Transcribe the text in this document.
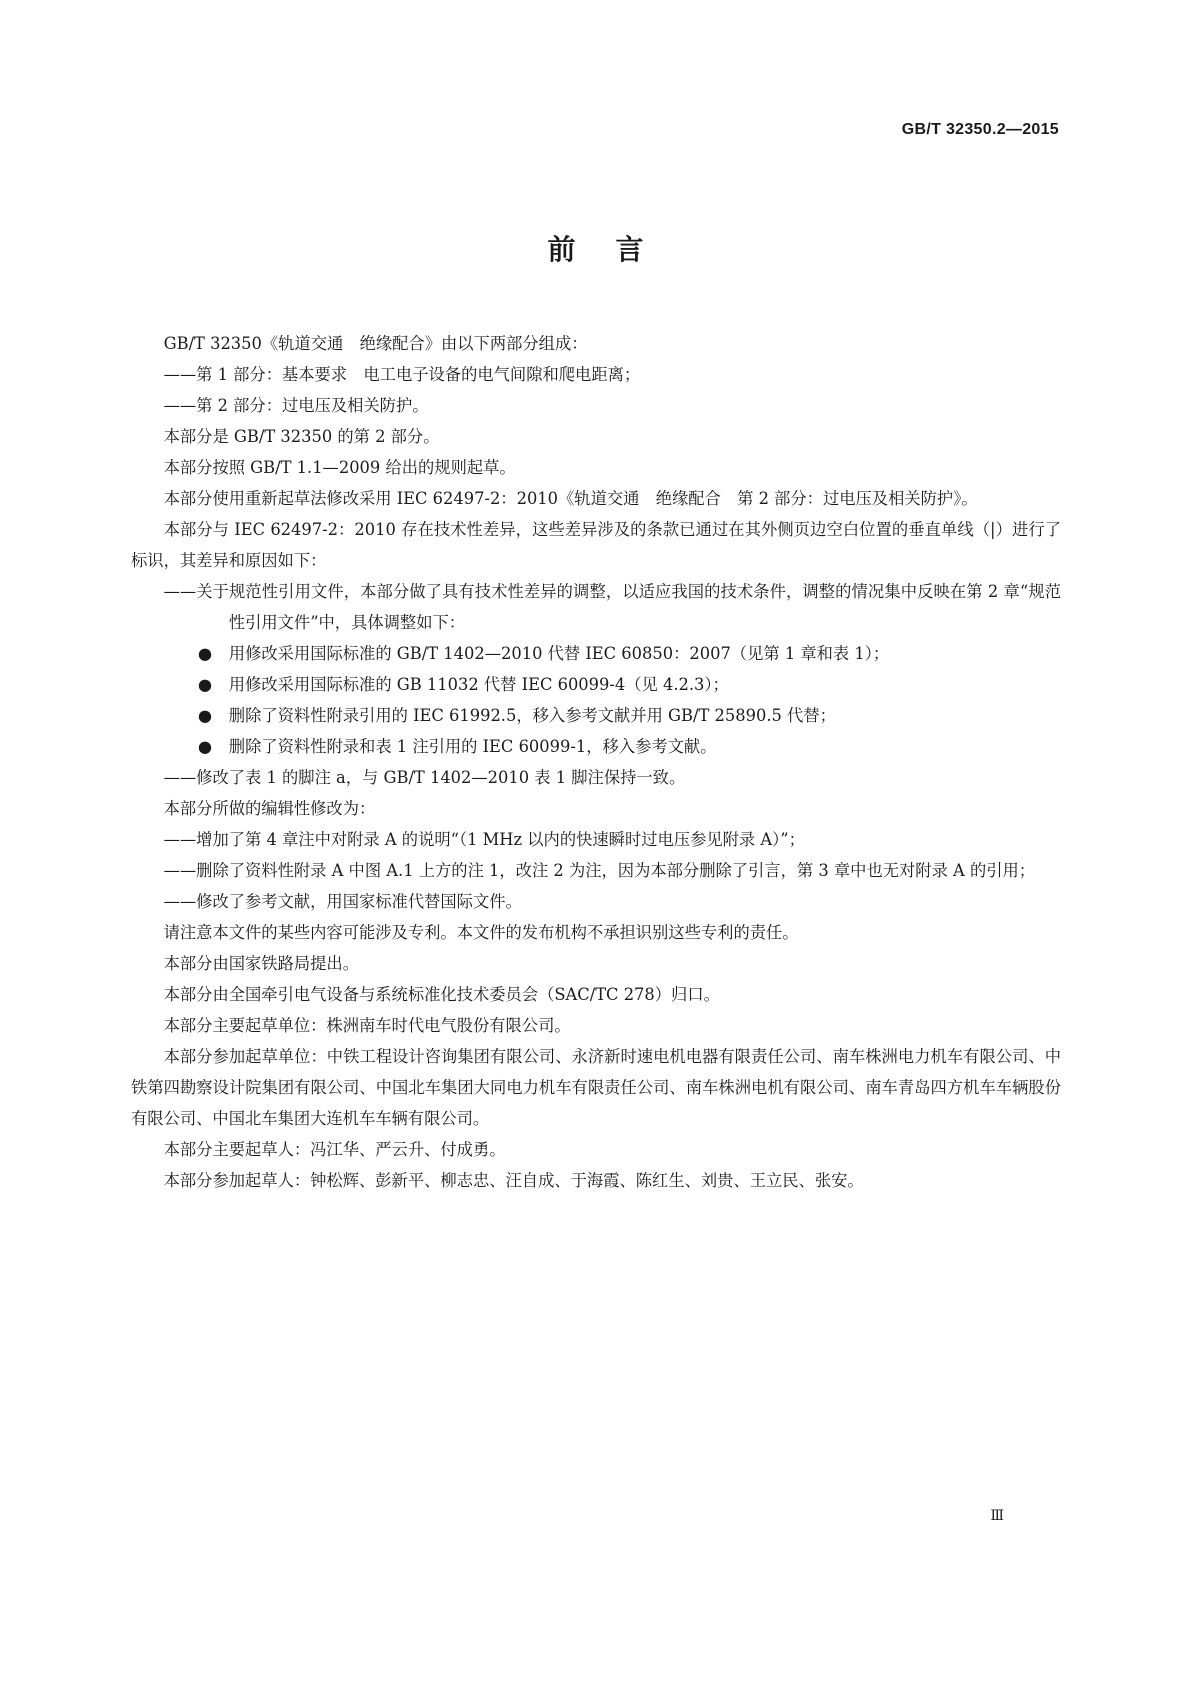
GB/T 32350.2—2015
前言

GB/T 32350《轨道交通　绝缘配合》由以下两部分组成：

——第 1 部分：基本要求　电工电子设备的电气间隙和爬电距离；

——第 2 部分：过电压及相关防护。

本部分是 GB/T 32350 的第 2 部分。

本部分按照 GB/T 1.1—2009 给出的规则起草。

本部分使用重新起草法修改采用 IEC 62497-2：2010《轨道交通　绝缘配合　第 2 部分：过电压及相关防护》。

本部分与 IEC 62497-2：2010 存在技术性差异，这些差异涉及的条款已通过在其外侧页边空白位置的垂直单线（|）进行了标识，其差异和原因如下：

——关于规范性引用文件，本部分做了具有技术性差异的调整，以适应我国的技术条件，调整的情况集中反映在第 2 章“规范性引用文件”中，具体调整如下：

● 用修改采用国际标准的 GB/T 1402—2010 代替 IEC 60850：2007（见第 1 章和表 1）；

● 用修改采用国际标准的 GB 11032 代替 IEC 60099-4（见 4.2.3）；

● 删除了资料性附录引用的 IEC 61992.5，移入参考文献并用 GB/T 25890.5 代替；

● 删除了资料性附录和表 1 注引用的 IEC 60099-1，移入参考文献。

——修改了表 1 的脚注 a，与 GB/T 1402—2010 表 1 脚注保持一致。

本部分所做的编辑性修改为：

——增加了第 4 章注中对附录 A 的说明“（1 MHz 以内的快速瞬时过电压参见附录 A）”；

——删除了资料性附录 A 中图 A.1 上方的注 1，改注 2 为注，因为本部分删除了引言，第 3 章中也无对附录 A 的引用；

——修改了参考文献，用国家标准代替国际文件。

请注意本文件的某些内容可能涉及专利。本文件的发布机构不承担识别这些专利的责任。

本部分由国家铁路局提出。

本部分由全国牵引电气设备与系统标准化技术委员会（SAC/TC 278）归口。

本部分主要起草单位：株洲南车时代电气股份有限公司。

本部分参加起草单位：中铁工程设计咨询集团有限公司、永济新时速电机电器有限责任公司、南车株洲电力机车有限公司、中铁第四勘察设计院集团有限公司、中国北车集团大同电力机车有限责任公司、南车株洲电机有限公司、南车青岛四方机车车辆股份有限公司、中国北车集团大连机车车辆有限公司。

本部分主要起草人：冯江华、严云升、付成勇。

本部分参加起草人：钟松辉、彭新平、柳志忠、汪自成、于海霞、陈红生、刘贵、王立民、张安。

Ⅲ
